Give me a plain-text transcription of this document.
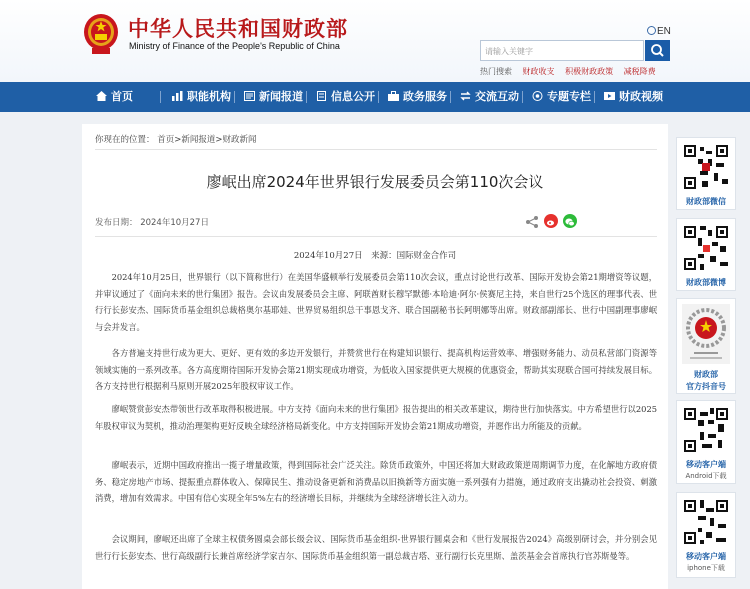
中华人民共和国财政部
Ministry of Finance of the People's Republic of China
EN
请输入关键字
热门搜索 财政收支 积极财政政策 减税降费
首页	职能机构	新闻报道	信息公开	政务服务	交流互动	专题专栏	财政视频
你现在的位置： 首页>新闻报道>财政新闻
廖岷出席2024年世界银行发展委员会第110次会议
发布日期： 2024年10月27日
2024年10月27日　来源：国际财金合作司
2024年10月25日，世界银行（以下简称世行）在美国华盛顿举行发展委员会第110次会议，重点讨论世行改革、国际开发协会第21期增资等议题，并审议通过了《面向未来的世行集团》报告。会议由发展委员会主席、阿联酋财长穆罕默德·本哈迪·阿尔·侯赛尼主持，来自世行25个选区的理事代表、世行行长彭安杰、国际货币基金组织总裁格奥尔基耶娃、世界贸易组织总干事恩戈齐、联合国副秘书长阿明娜等出席。财政部副部长、世行中国副理事廖岷与会并发言。
各方普遍支持世行成为更大、更好、更有效的多边开发银行，并赞赏世行在构建知识银行、提高机构运营效率、增强财务能力、动员私营部门资源等领域实施的一系列改革。各方高度期待国际开发协会第21期实现成功增资，为低收入国家提供更大规模的优惠资金，帮助其实现联合国可持续发展目标。各方支持世行根据利马原则开展2025年股权审议工作。
廖岷赞赏彭安杰带领世行改革取得积极进展。中方支持《面向未来的世行集团》报告提出的相关改革建议，期待世行加快落实。中方希望世行以2025年股权审议为契机，推动治理架构更好反映全球经济格局新变化。中方支持国际开发协会第21期成功增资，并愿作出力所能及的贡献。
廖岷表示，近期中国政府推出一揽子增量政策，得到国际社会广泛关注。除货币政策外，中国还将加大财政政策逆周期调节力度，在化解地方政府债务、稳定房地产市场、提振重点群体收入、保障民生、推动设备更新和消费品以旧换新等方面实施一系列强有力措施，通过政府支出撬动社会投资、刺激消费，增加有效需求。中国有信心实现全年5%左右的经济增长目标，并继续为全球经济增长注入动力。
会议期间，廖岷还出席了全球主权债务圆桌会部长级会议、国际货币基金组织-世界银行圆桌会和《世行发展报告2024》高级别研讨会，并分别会见世行行长彭安杰、世行高级副行长兼首席经济学家吉尔、国际货币基金组织第一副总裁吉塔、亚行副行长克里斯、盖茨基金会首席执行官苏斯曼等。
财政部微信
财政部微博
财政部
官方抖音号
移动客户端
Android下载
移动客户端
iphone下载
